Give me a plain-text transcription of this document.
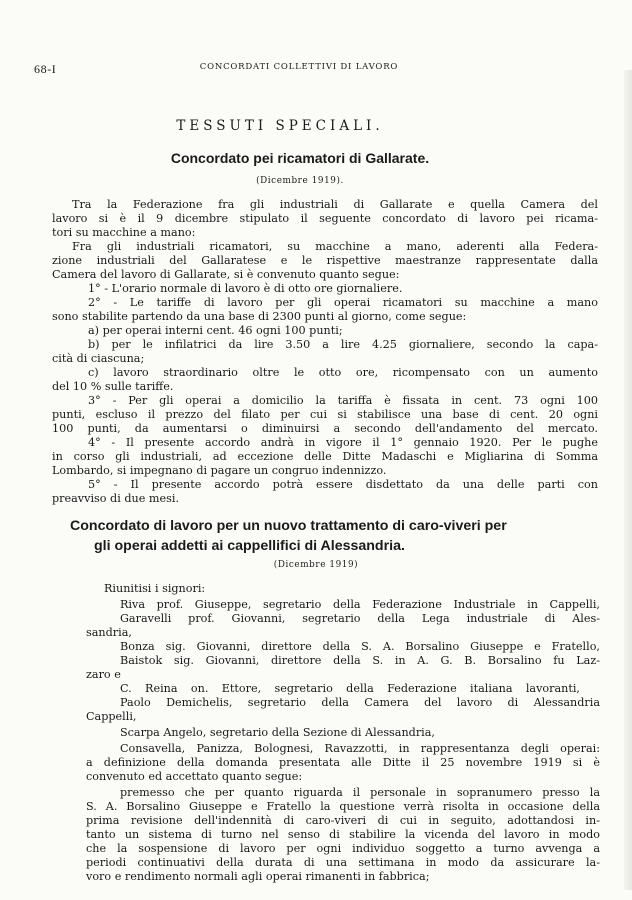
68-I	CONCORDATI COLLETTIVI DI LAVORO
TESSUTI SPECIALI.
Concordato pei ricamatori di Gallarate.
(Dicembre 1919).
Tra la Federazione fra gli industriali di Gallarate e quella Camera del
lavoro si è il 9 dicembre stipulato il seguente concordato di lavoro pei ricama-
tori su macchine a mano:
Fra gli industriali ricamatori, su macchine a mano, aderenti alla Federa-
zione industriali del Gallaratese e le rispettive maestranze rappresentate dalla
Camera del lavoro di Gallarate, si è convenuto quanto segue:
1° - L'orario normale di lavoro è di otto ore giornaliere.
2° - Le tariffe di lavoro per gli operai ricamatori su macchine a mano
sono stabilite partendo da una base di 2300 punti al giorno, come segue:
a) per operai interni cent. 46 ogni 100 punti;
b) per le infilatrici da lire 3.50 a lire 4.25 giornaliere, secondo la capa-
cità di ciascuna;
c) lavoro straordinario oltre le otto ore, ricompensato con un aumento
del 10 % sulle tariffe.
3° - Per gli operai a domicilio la tariffa è fissata in cent. 73 ogni 100
punti, escluso il prezzo del filato per cui si stabilisce una base di cent. 20 ogni
100 punti, da aumentarsi o diminuirsi a secondo dell'andamento del mercato.
4° - Il presente accordo andrà in vigore il 1° gennaio 1920. Per le pughe
in corso gli industriali, ad eccezione delle Ditte Madaschi e Migliarina di Somma
Lombardo, si impegnano di pagare un congruo indennizzo.
5° - Il presente accordo potrà essere disdettato da una delle parti con
preavviso di due mesi.
Concordato di lavoro per un nuovo trattamento di caro-viveri per
gli operai addetti ai cappellifici di Alessandria.
(Dicembre 1919)
Riunitisi i signori:
Riva prof. Giuseppe, segretario della Federazione Industriale in Cappelli,
Garavelli prof. Giovanni, segretario della Lega industriale di Ales-
sandria,
Bonza sig. Giovanni, direttore della S. A. Borsalino Giuseppe e Fratello,
Baistok sig. Giovanni, direttore della S. in A. G. B. Borsalino fu Laz-
zaro e
C. Reina on. Ettore, segretario della Federazione italiana lavoranti,
Paolo Demichelis, segretario della Camera del lavoro di Alessandria
Cappelli,
Scarpa Angelo, segretario della Sezione di Alessandria,
Consavella, Panizza, Bolognesi, Ravazzotti, in rappresentanza degli operai:
a definizione della domanda presentata alle Ditte il 25 novembre 1919 si è
convenuto ed accettato quanto segue:
premesso che per quanto riguarda il personale in sopranumero presso la
S. A. Borsalino Giuseppe e Fratello la questione verrà risolta in occasione della
prima revisione dell'indennità di caro-viveri di cui in seguito, adottandosi in-
tanto un sistema di turno nel senso di stabilire la vicenda del lavoro in modo
che la sospensione di lavoro per ogni individuo soggetto a turno avvenga a
periodi continuativi della durata di una settimana in modo da assicurare la-
voro e rendimento normali agli operai rimanenti in fabbrica;
